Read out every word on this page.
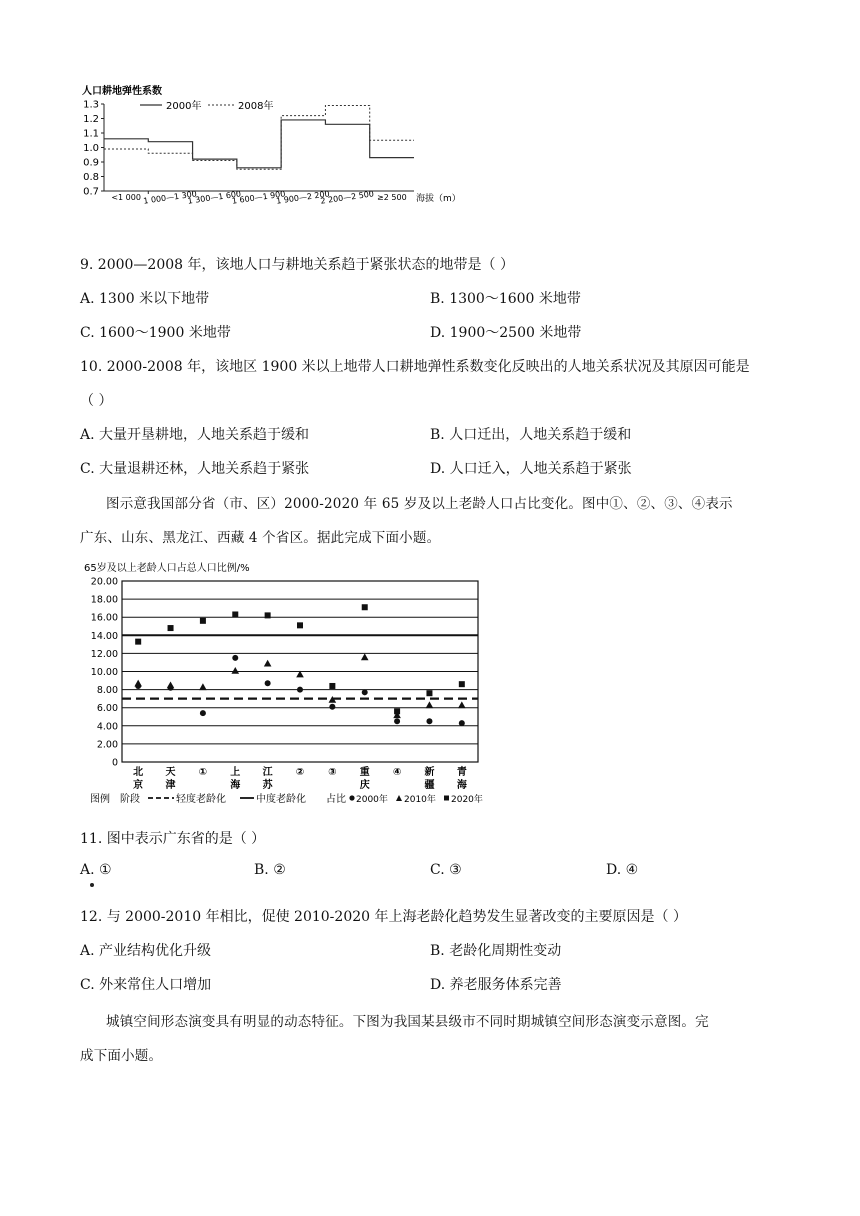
人口耕地弹性系数
1.3
1.2
1.1
1.0
0.9
0.8
0.7 <1 000 1 000—1 300
1 300—1 600
1 600—1 900
1 900—2 200
2 200—2 500 ≥2 500
2000年	2008年
海拔（m）
9. 2000—2008 年，该地人口与耕地关系趋于紧张状态的地带是（ ）
A. 1300 米以下地带	B. 1300～1600 米地带
C. 1600～1900 米地带	D. 1900～2500 米地带
10. 2000-2008 年，该地区 1900 米以上地带人口耕地弹性系数变化反映出的人地关系状况及其原因可能是
（ ）
A. 大量开垦耕地，人地关系趋于缓和	B. 人口迁出，人地关系趋于缓和
C. 大量退耕还林，人地关系趋于紧张	D. 人口迁入，人地关系趋于紧张
图示意我国部分省（市、区）2000-2020 年 65 岁及以上老龄人口占比变化。图中①、②、③、④表示
广东、山东、黑龙江、西藏 4 个省区。据此完成下面小题。
65岁及以上老龄人口占总人口比例/%
20.00
18.00
16.00
14.00
12.00
10.00
8.00
6.00
4.00
2.00
0
北
京
天
津
① 上
海
江
苏
② ③ 重
庆
④ 新
疆
青
海
图例 阶段	轻度老龄化	中度老龄化 占比 2000年 2010年 2020年
11. 图中表示广东省的是（ ）
A. ①	B. ②	C. ③	D. ④
12. 与 2000-2010 年相比，促使 2010-2020 年上海老龄化趋势发生显著改变的主要原因是（ ）
A. 产业结构优化升级	B. 老龄化周期性变动
C. 外来常住人口增加	D. 养老服务体系完善
城镇空间形态演变具有明显的动态特征。下图为我国某县级市不同时期城镇空间形态演变示意图。完
成下面小题。
